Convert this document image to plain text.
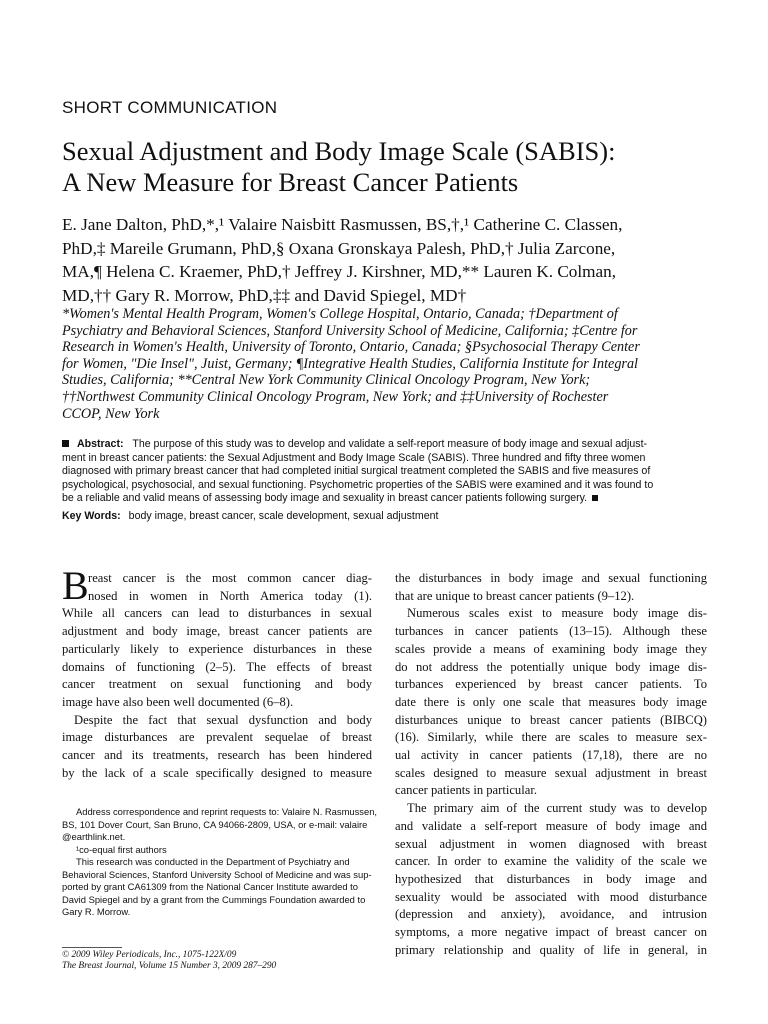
SHORT COMMUNICATION
Sexual Adjustment and Body Image Scale (SABIS):
A New Measure for Breast Cancer Patients
E. Jane Dalton, PhD,*,¹ Valaire Naisbitt Rasmussen, BS,†,¹ Catherine C. Classen,
PhD,‡ Mareile Grumann, PhD,§ Oxana Gronskaya Palesh, PhD,† Julia Zarcone,
MA,¶ Helena C. Kraemer, PhD,† Jeffrey J. Kirshner, MD,** Lauren K. Colman,
MD,†† Gary R. Morrow, PhD,‡‡ and David Spiegel, MD†
*Women's Mental Health Program, Women's College Hospital, Ontario, Canada; †Department of
Psychiatry and Behavioral Sciences, Stanford University School of Medicine, California; ‡Centre for
Research in Women's Health, University of Toronto, Ontario, Canada; §Psychosocial Therapy Center
for Women, "Die Insel", Juist, Germany; ¶Integrative Health Studies, California Institute for Integral
Studies, California; **Central New York Community Clinical Oncology Program, New York;
††Northwest Community Clinical Oncology Program, New York; and ‡‡University of Rochester
CCOP, New York
Abstract: The purpose of this study was to develop and validate a self-report measure of body image and sexual adjust-
ment in breast cancer patients: the Sexual Adjustment and Body Image Scale (SABIS). Three hundred and fifty three women
diagnosed with primary breast cancer that had completed initial surgical treatment completed the SABIS and five measures of
psychological, psychosocial, and sexual functioning. Psychometric properties of the SABIS were examined and it was found to
be a reliable and valid means of assessing body image and sexuality in breast cancer patients following surgery.
Key Words: body image, breast cancer, scale development, sexual adjustment
B reast cancer is the most common cancer diag-
nosed in women in North America today (1).
While all cancers can lead to disturbances in sexual
adjustment and body image, breast cancer patients are
particularly likely to experience disturbances in these
domains of functioning (2–5). The effects of breast
cancer treatment on sexual functioning and body
image have also been well documented (6–8).
Despite the fact that sexual dysfunction and body
image disturbances are prevalent sequelae of breast
cancer and its treatments, research has been hindered
by the lack of a scale specifically designed to measure
the disturbances in body image and sexual functioning
that are unique to breast cancer patients (9–12).
Numerous scales exist to measure body image dis-
turbances in cancer patients (13–15). Although these
scales provide a means of examining body image they
do not address the potentially unique body image dis-
turbances experienced by breast cancer patients. To
date there is only one scale that measures body image
disturbances unique to breast cancer patients (BIBCQ)
(16). Similarly, while there are scales to measure sex-
ual activity in cancer patients (17,18), there are no
scales designed to measure sexual adjustment in breast
cancer patients in particular.
The primary aim of the current study was to develop
and validate a self-report measure of body image and
sexual adjustment in women diagnosed with breast
cancer. In order to examine the validity of the scale we
hypothesized that disturbances in body image and
sexuality would be associated with mood disturbance
(depression and anxiety), avoidance, and intrusion
symptoms, a more negative impact of breast cancer on
primary relationship and quality of life in general, in
Address correspondence and reprint requests to: Valaire N. Rasmussen,
BS, 101 Dover Court, San Bruno, CA 94066-2809, USA, or e-mail: valaire
@earthlink.net.
¹co-equal first authors
This research was conducted in the Department of Psychiatry and
Behavioral Sciences, Stanford University School of Medicine and was sup-
ported by grant CA61309 from the National Cancer Institute awarded to
David Spiegel and by a grant from the Cummings Foundation awarded to
Gary R. Morrow.
© 2009 Wiley Periodicals, Inc., 1075-122X/09
The Breast Journal, Volume 15 Number 3, 2009 287–290
